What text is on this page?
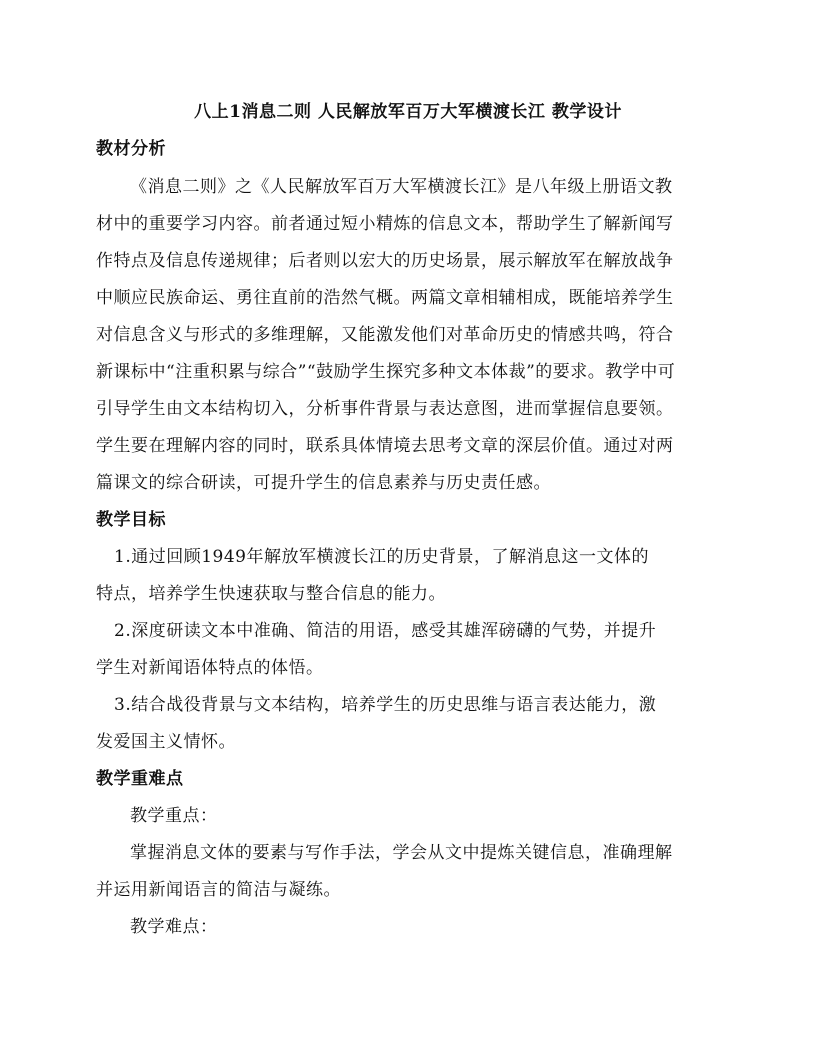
八上1消息二则 人民解放军百万大军横渡长江 教学设计
教材分析
《消息二则》之《人民解放军百万大军横渡长江》是八年级上册语文教
材中的重要学习内容。前者通过短小精炼的信息文本，帮助学生了解新闻写
作特点及信息传递规律；后者则以宏大的历史场景，展示解放军在解放战争
中顺应民族命运、勇往直前的浩然气概。两篇文章相辅相成，既能培养学生
对信息含义与形式的多维理解，又能激发他们对革命历史的情感共鸣，符合
新课标中“注重积累与综合”“鼓励学生探究多种文本体裁”的要求。教学中可
引导学生由文本结构切入，分析事件背景与表达意图，进而掌握信息要领。
学生要在理解内容的同时，联系具体情境去思考文章的深层价值。通过对两
篇课文的综合研读，可提升学生的信息素养与历史责任感。
教学目标
1.通过回顾1949年解放军横渡长江的历史背景，了解消息这一文体的
特点，培养学生快速获取与整合信息的能力。
2.深度研读文本中准确、简洁的用语，感受其雄浑磅礴的气势，并提升
学生对新闻语体特点的体悟。
3.结合战役背景与文本结构，培养学生的历史思维与语言表达能力，激
发爱国主义情怀。
教学重难点
教学重点：
掌握消息文体的要素与写作手法，学会从文中提炼关键信息，准确理解
并运用新闻语言的简洁与凝练。
教学难点：
